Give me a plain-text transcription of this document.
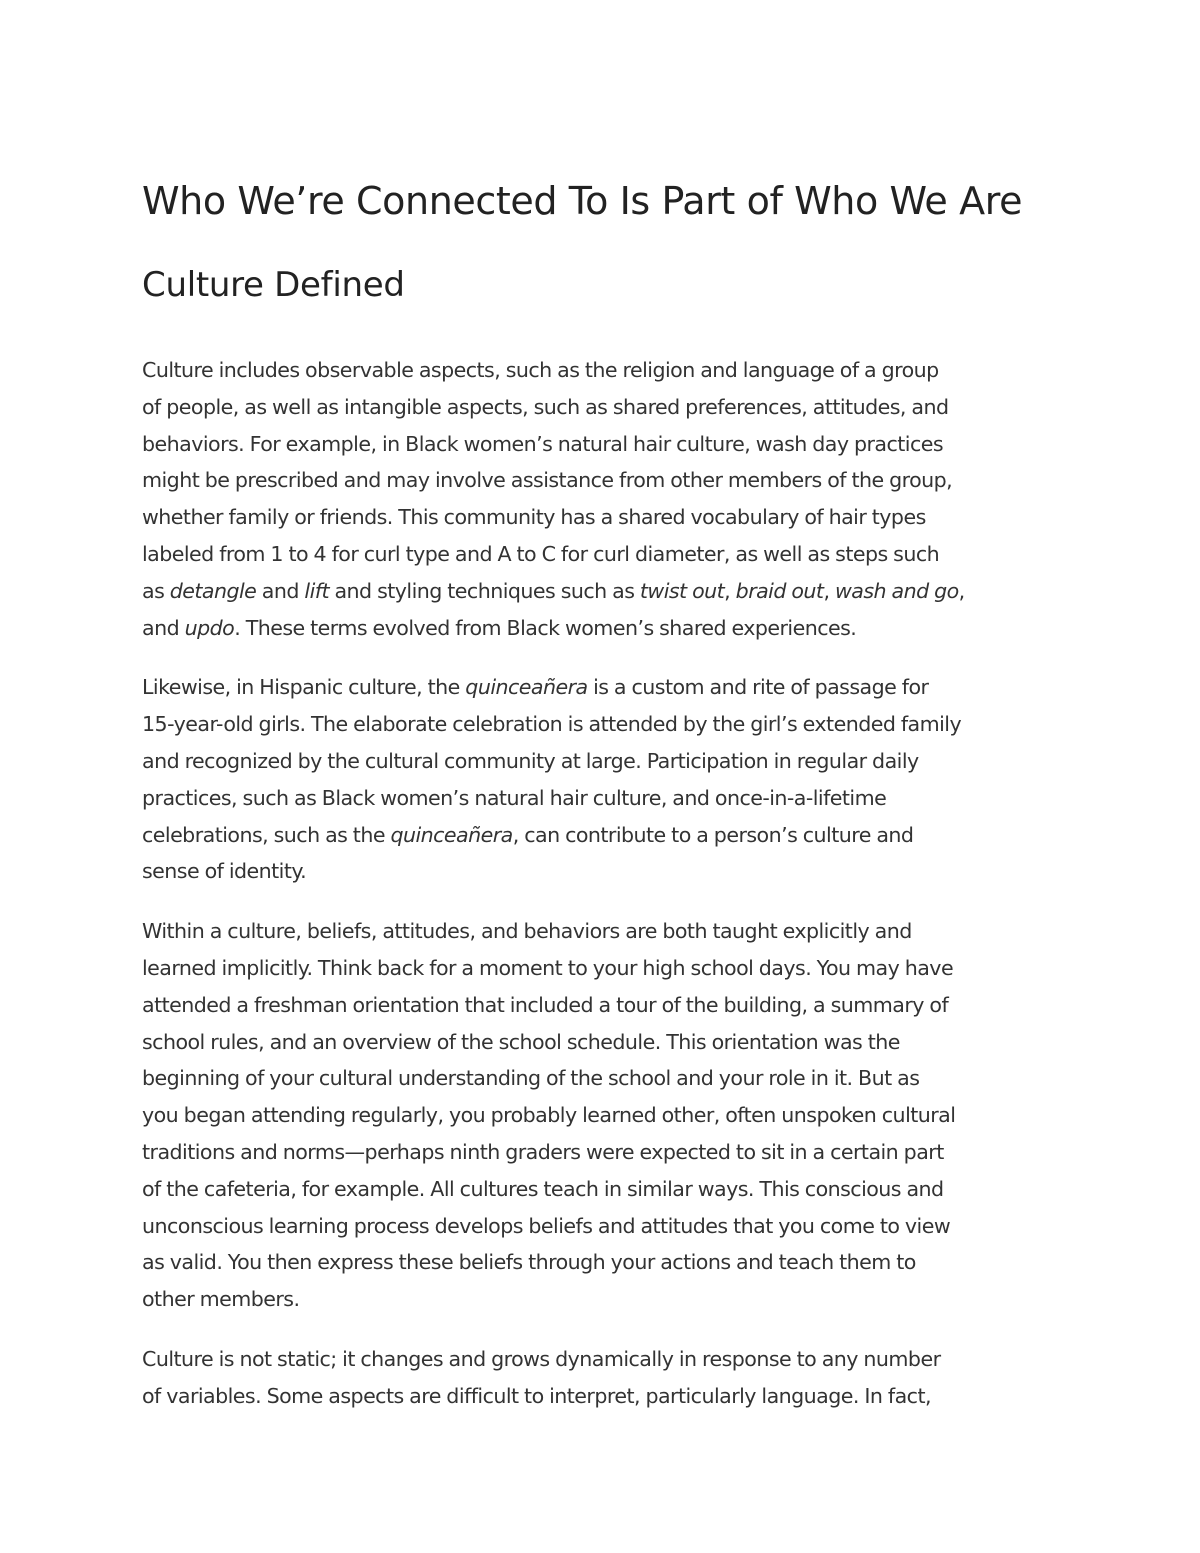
Who We’re Connected To Is Part of Who We Are
Culture Defined
Culture includes observable aspects, such as the religion and language of a group
of people, as well as intangible aspects, such as shared preferences, attitudes, and
behaviors. For example, in Black women’s natural hair culture, wash day practices
might be prescribed and may involve assistance from other members of the group,
whether family or friends. This community has a shared vocabulary of hair types
labeled from 1 to 4 for curl type and A to C for curl diameter, as well as steps such
as detangle and lift and styling techniques such as twist out, braid out, wash and go,
and updo. These terms evolved from Black women’s shared experiences.
Likewise, in Hispanic culture, the quinceañera is a custom and rite of passage for
15-year-old girls. The elaborate celebration is attended by the girl’s extended family
and recognized by the cultural community at large. Participation in regular daily
practices, such as Black women’s natural hair culture, and once-in-a-lifetime
celebrations, such as the quinceañera, can contribute to a person’s culture and
sense of identity.
Within a culture, beliefs, attitudes, and behaviors are both taught explicitly and
learned implicitly. Think back for a moment to your high school days. You may have
attended a freshman orientation that included a tour of the building, a summary of
school rules, and an overview of the school schedule. This orientation was the
beginning of your cultural understanding of the school and your role in it. But as
you began attending regularly, you probably learned other, often unspoken cultural
traditions and norms—perhaps ninth graders were expected to sit in a certain part
of the cafeteria, for example. All cultures teach in similar ways. This conscious and
unconscious learning process develops beliefs and attitudes that you come to view
as valid. You then express these beliefs through your actions and teach them to
other members.
Culture is not static; it changes and grows dynamically in response to any number
of variables. Some aspects are difficult to interpret, particularly language. In fact,
